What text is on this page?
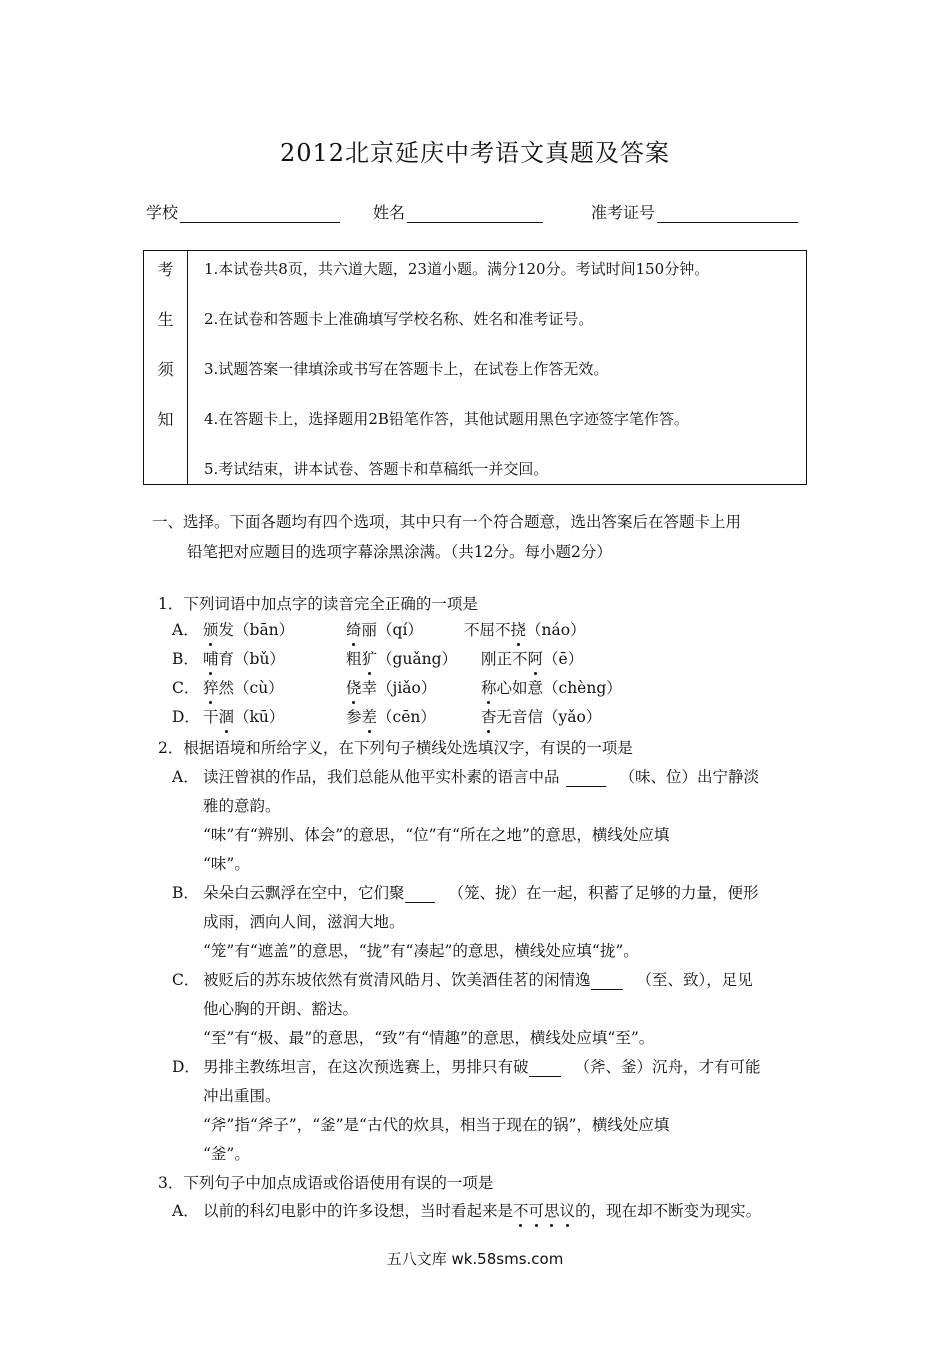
2012北京延庆中考语文真题及答案
学校	姓名	准考证号
考
生
须
知
1.本试卷共8页，共六道大题，23道小题。满分120分。考试时间150分钟。
2.在试卷和答题卡上准确填写学校名称、姓名和准考证号。
3.试题答案一律填涂或书写在答题卡上，在试卷上作答无效。
4.在答题卡上，选择题用2B铅笔作答，其他试题用黑色字迹签字笔作答。
5.考试结束，讲本试卷、答题卡和草稿纸一并交回。
一、选择。下面各题均有四个选项，其中只有一个符合题意，选出答案后在答题卡上用
铅笔把对应题目的选项字幕涂黑涂满。（共12分。每小题2分）
1．下列词语中加点字的读音完全正确的一项是
A． 颁发（bān）	绮丽（qí）	不屈不挠（náo）
B． 哺育（bǔ）	粗犷（guǎng） 刚正不阿（ē）
C． 猝然（cù）	侥幸（jiǎo）	称心如意（chèng）
D． 干涸（kū）	参差（cēn）	杳无音信（yǎo）
2．根据语境和所给字义，在下列句子横线处选填汉字，有误的一项是
A． 读汪曾祺的作品，我们总能从他平实朴素的语言中品	（味、位）出宁静淡
雅的意韵。
“味”有“辨别、体会”的意思，“位”有“所在之地”的意思，横线处应填
“味”。
B． 朵朵白云飘浮在空中，它们聚	（笼、拢）在一起，积蓄了足够的力量，便形
成雨，洒向人间，滋润大地。
“笼”有“遮盖”的意思，“拢”有“凑起”的意思，横线处应填“拢”。
C． 被贬后的苏东坡依然有赏清风皓月、饮美酒佳茗的闲情逸	（至、致），足见
他心胸的开朗、豁达。
“至”有“极、最”的意思，“致”有“情趣”的意思，横线处应填“至”。
D． 男排主教练坦言，在这次预选赛上，男排只有破	（斧、釜）沉舟，才有可能
冲出重围。
“斧”指“斧子”，“釜”是“古代的炊具，相当于现在的锅”，横线处应填
“釜”。
3．下列句子中加点成语或俗语使用有误的一项是
A． 以前的科幻电影中的许多设想，当时看起来是不可思议的，现在却不断变为现实。
五八文库 wk.58sms.com
